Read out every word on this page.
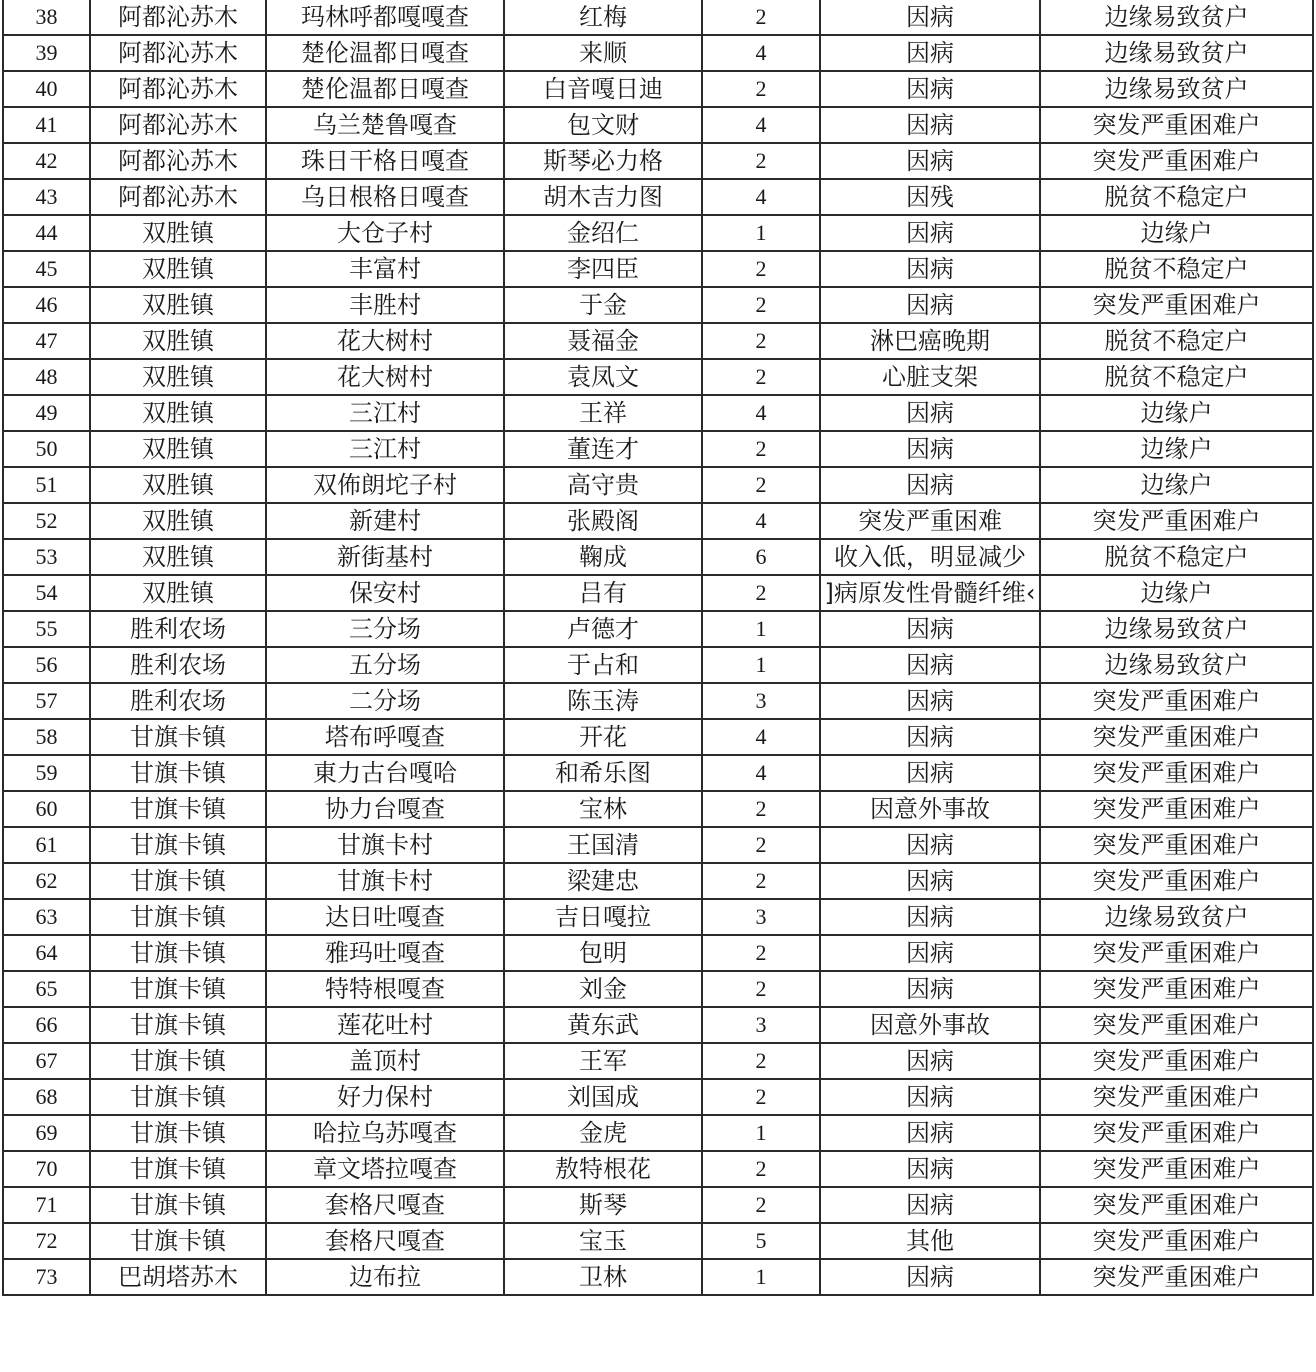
38	阿都沁苏木	玛林呼都嘎嘎查	红梅	2	因病	边缘易致贫户
39	阿都沁苏木	楚伦温都日嘎查	来顺	4	因病	边缘易致贫户
40	阿都沁苏木	楚伦温都日嘎查	白音嘎日迪	2	因病	边缘易致贫户
41	阿都沁苏木	乌兰楚鲁嘎查	包文财	4	因病	突发严重困难户
42	阿都沁苏木	珠日干格日嘎查	斯琴必力格	2	因病	突发严重困难户
43	阿都沁苏木	乌日根格日嘎查	胡木吉力图	4	因残	脱贫不稳定户
44	双胜镇	大仓子村	金绍仁	1	因病	边缘户
45	双胜镇	丰富村	李四臣	2	因病	脱贫不稳定户
46	双胜镇	丰胜村	于金	2	因病	突发严重困难户
47	双胜镇	花大树村	聂福金	2	淋巴癌晚期	脱贫不稳定户
48	双胜镇	花大树村	袁凤文	2	心脏支架	脱贫不稳定户
49	双胜镇	三江村	王祥	4	因病	边缘户
50	双胜镇	三江村	董连才	2	因病	边缘户
51	双胜镇	双佈朗坨子村	高守贵	2	因病	边缘户
52	双胜镇	新建村	张殿阁	4	突发严重困难	突发严重困难户
53	双胜镇	新街基村	鞠成	6	收入低，明显减少	脱贫不稳定户
54	双胜镇	保安村	吕有	2	]病原发性骨髓纤维‹	边缘户
55	胜利农场	三分场	卢德才	1	因病	边缘易致贫户
56	胜利农场	五分场	于占和	1	因病	边缘易致贫户
57	胜利农场	二分场	陈玉涛	3	因病	突发严重困难户
58	甘旗卡镇	塔布呼嘎查	开花	4	因病	突发严重困难户
59	甘旗卡镇	東力古台嘎哈	和希乐图	4	因病	突发严重困难户
60	甘旗卡镇	协力台嘎查	宝林	2	因意外事故	突发严重困难户
61	甘旗卡镇	甘旗卡村	王国清	2	因病	突发严重困难户
62	甘旗卡镇	甘旗卡村	梁建忠	2	因病	突发严重困难户
63	甘旗卡镇	达日吐嘎查	吉日嘎拉	3	因病	边缘易致贫户
64	甘旗卡镇	雅玛吐嘎查	包明	2	因病	突发严重困难户
65	甘旗卡镇	特特根嘎查	刘金	2	因病	突发严重困难户
66	甘旗卡镇	莲花吐村	黄东武	3	因意外事故	突发严重困难户
67	甘旗卡镇	盖顶村	王军	2	因病	突发严重困难户
68	甘旗卡镇	好力保村	刘国成	2	因病	突发严重困难户
69	甘旗卡镇	哈拉乌苏嘎查	金虎	1	因病	突发严重困难户
70	甘旗卡镇	章文塔拉嘎查	敖特根花	2	因病	突发严重困难户
71	甘旗卡镇	套格尺嘎查	斯琴	2	因病	突发严重困难户
72	甘旗卡镇	套格尺嘎查	宝玉	5	其他	突发严重困难户
73	巴胡塔苏木	边布拉	卫林	1	因病	突发严重困难户
